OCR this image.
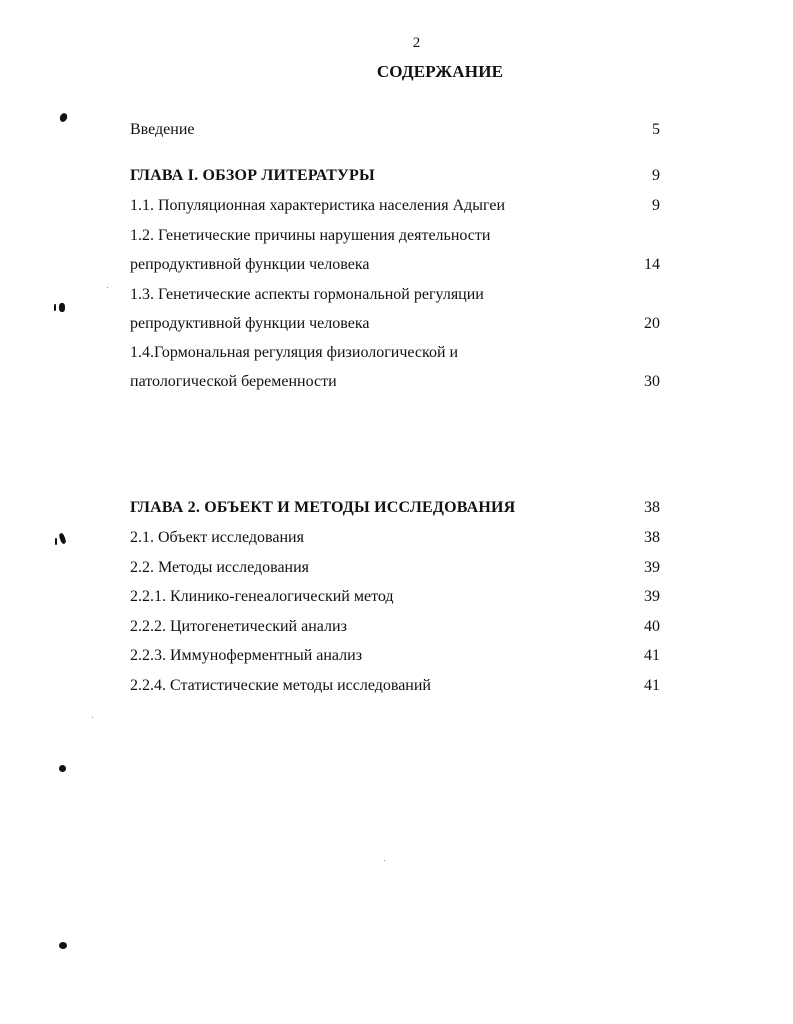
2
СОДЕРЖАНИЕ
Введение	5
ГЛАВА I. ОБЗОР ЛИТЕРАТУРЫ	9
1.1. Популяционная характеристика населения Адыгеи	9
1.2. Генетические причины нарушения деятельности
репродуктивной функции человека	14
1.3. Генетические аспекты гормональной регуляции
репродуктивной функции человека	20
1.4.Гормональная регуляция физиологической и
патологической беременности	30
ГЛАВА 2. ОБЪЕКТ И МЕТОДЫ ИССЛЕДОВАНИЯ	38
2.1. Объект исследования	38
2.2. Методы исследования	39
2.2.1. Клинико-генеалогический метод	39
2.2.2. Цитогенетический анализ	40
2.2.3. Иммуноферментный анализ	41
2.2.4. Статистические методы исследований	41
